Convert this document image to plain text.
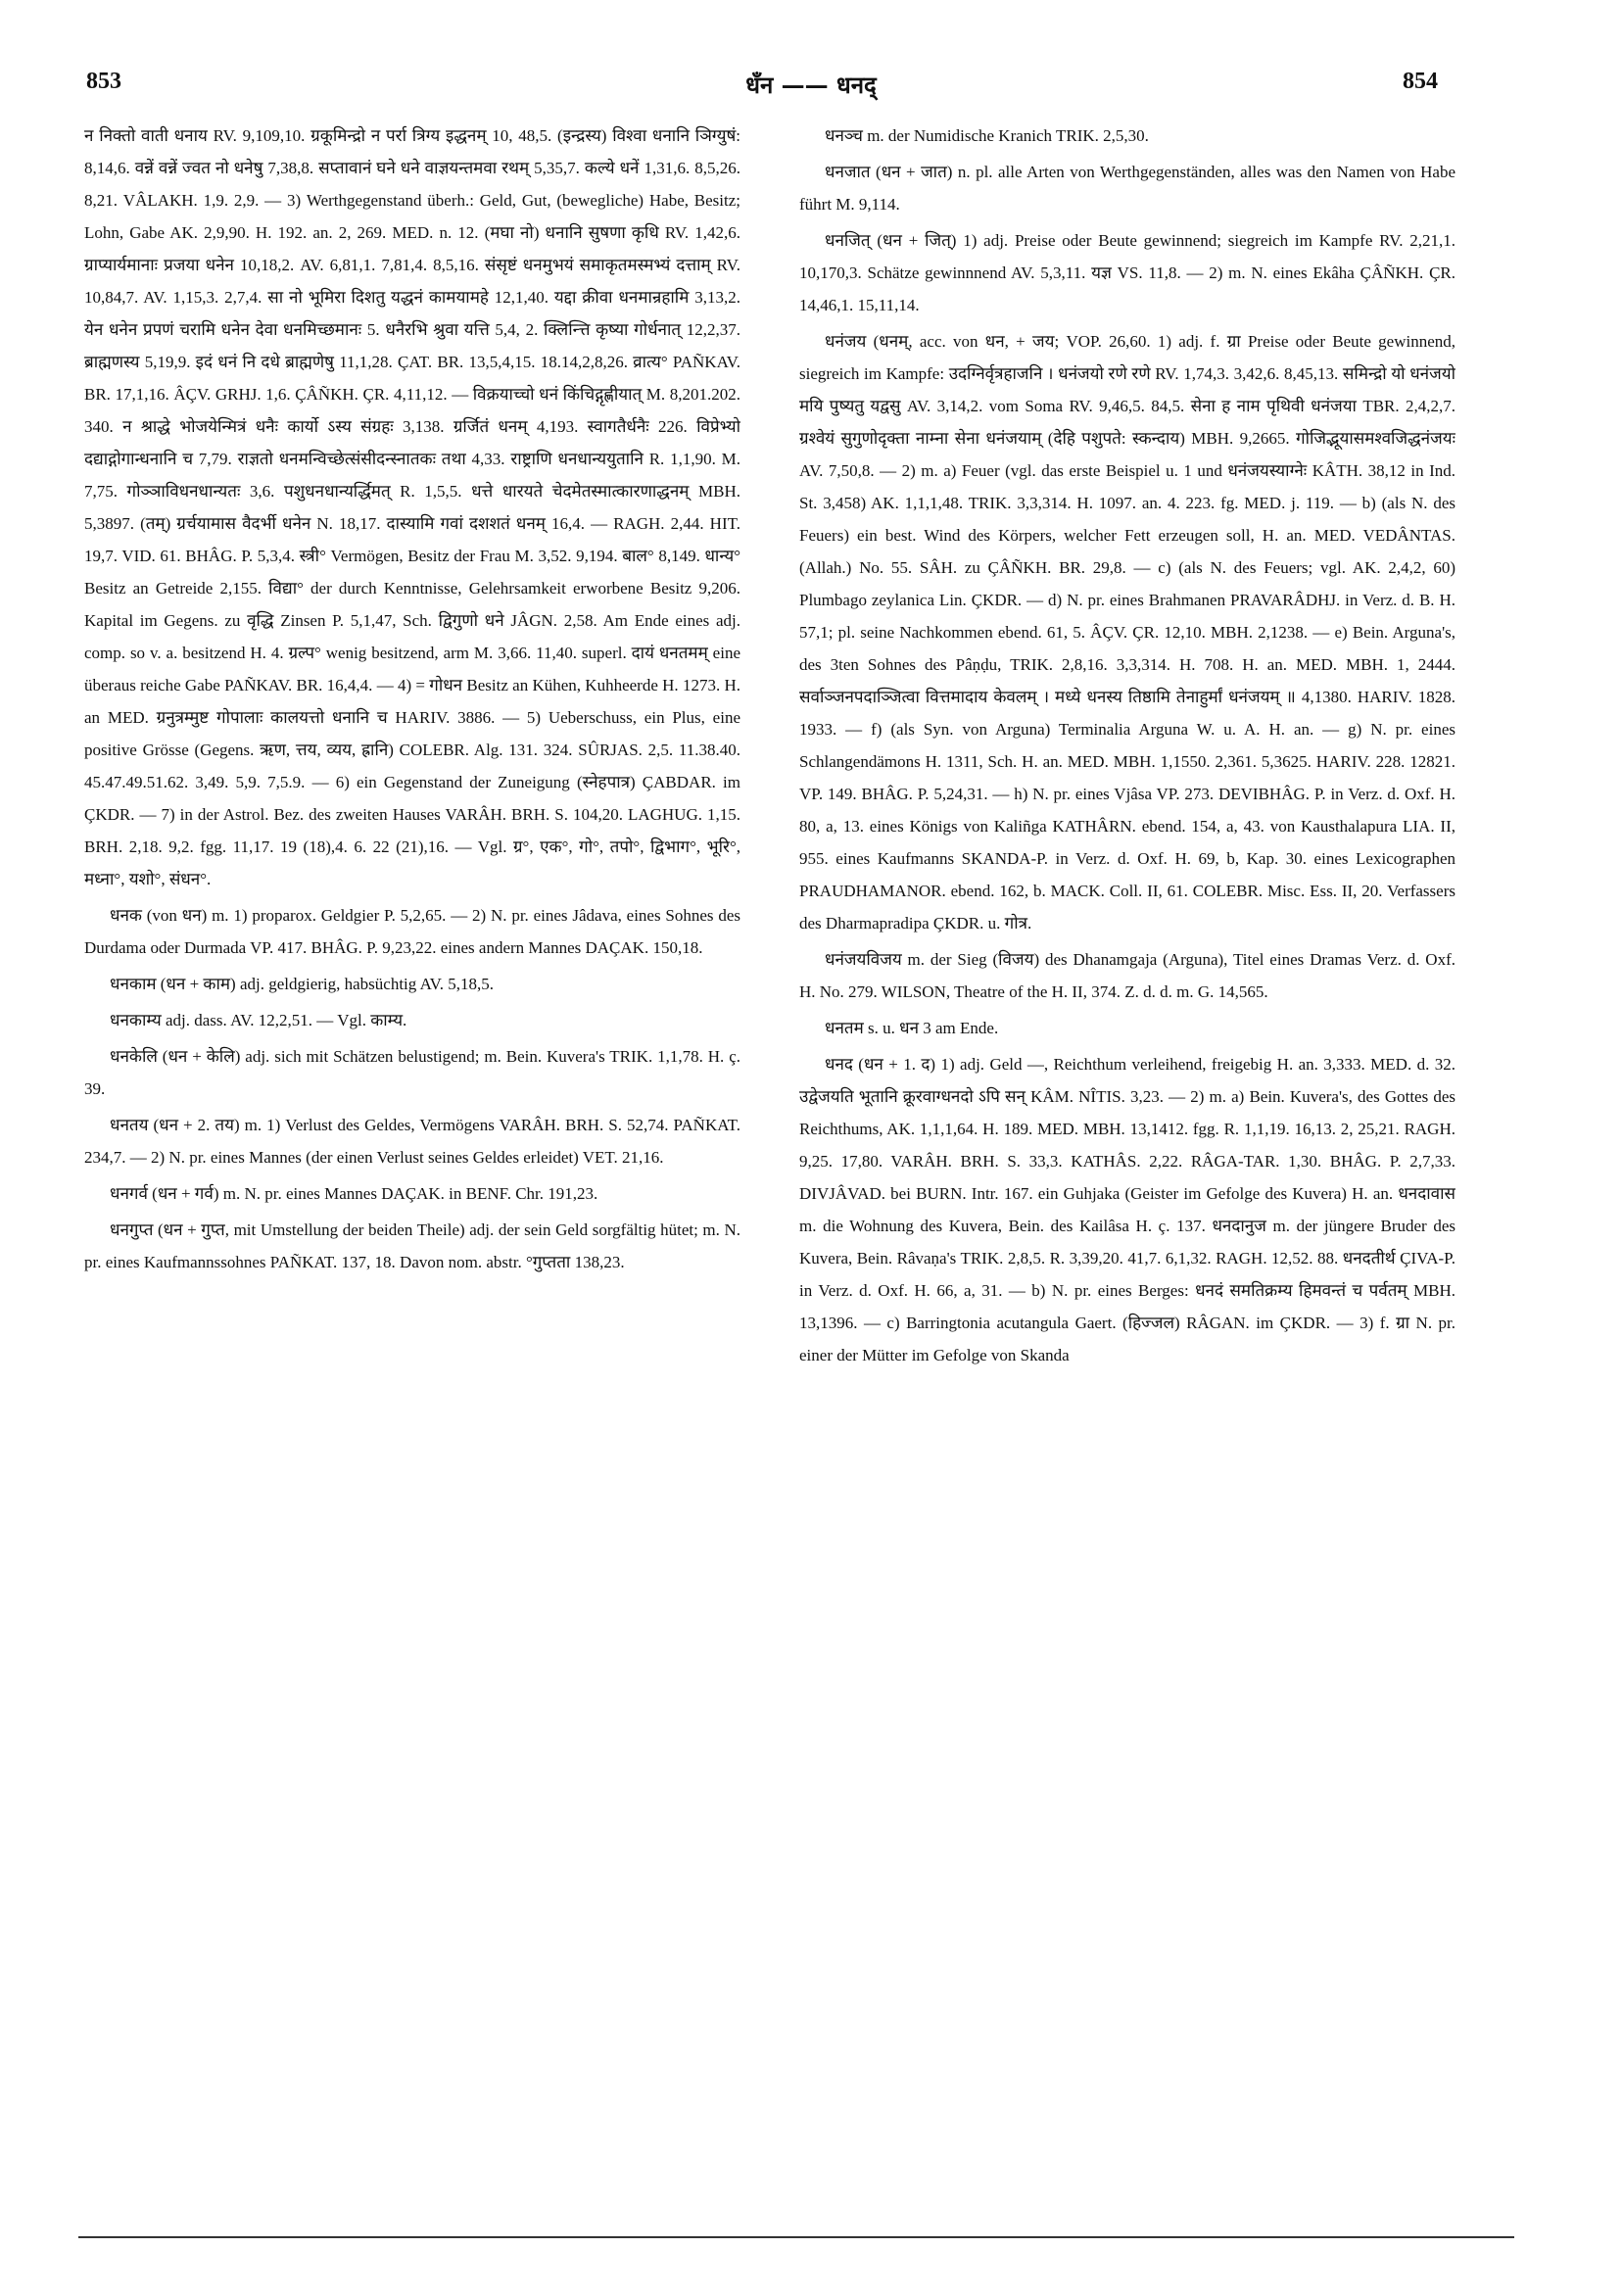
853	धँन —— धनद्	854

न निक्तो वाती धनाय RV. 9,109,10. ग्रकूमिन्द्रो न पर्रा त्रिग्य इद्धनम् 10, 48,5. (इन्द्रस्य) विश्वा धनानि ञिग्युषं: 8,14,6. वन्नें वन्नें ज्वत नो धनेषु 7,38,8. सप्तावानं घने धने वाज्ञयन्तमवा रथम् 5,35,7. कल्ये धनें 1,31,6. 8,5,26. 8,21. VÂLAKH. 1,9. 2,9. — 3) Werthgegenstand überh.: Geld, Gut, (bewegliche) Habe, Besitz; Lohn, Gabe AK. 2,9,90. H. 192. an. 2, 269. MED. n. 12. (मघा नो) धनानि सुषणा कृधि RV. 1,42,6. ग्राप्यार्यमानाः प्रजया धनेन 10,18,2. AV. 6,81,1. 7,81,4. 8,5,16. संसृष्टं धनमुभयं समाकृतमस्मभ्यं दत्ताम् RV. 10,84,7. AV. 1,15,3. 2,7,4. सा नो भूमिरा दिशतु यद्धनं कामयामहे 12,1,40. यद्दा क्रीवा धनमान्रहामि 3,13,2. येन धनेन प्रपणं चरामि धनेन देवा धनमिच्छमानः 5. धनैरभि श्रुवा यत्ति 5,4, 2. क्लिन्त्ति कृष्या गोर्धनात् 12,2,37. ब्राह्मणस्य 5,19,9. इदं धनं नि दधे ब्राह्मणेषु 11,1,28. ÇAT. BR. 13,5,4,15. 18.14,2,8,26. व्रात्य° PAÑKAV. BR. 17,1,16. ÂÇV. GRHJ. 1,6. ÇÂÑKH. ÇR. 4,11,12. — विक्रयाच्चो धनं किंचिद्गृह्णीयात् M. 8,201.202. 340. न श्राद्धे भोजयेन्मित्रं धनैः कार्यो ऽस्य संग्रहः 3,138. ग्रर्जितं धनम् 4,193. स्वागतैर्धनैः 226. विप्रेभ्यो दद्याद्गोगान्धनानि च 7,79. राज्ञतो धनमन्विच्छेत्संसीदन्स्नातकः तथा 4,33. राष्ट्राणि धनधान्ययुतानि R. 1,1,90. M. 7,75. गोञ्ञाविधनधान्यतः 3,6. पशुधनधान्यर्द्धिमत् R. 1,5,5. धत्ते धारयते चेदमेतस्मात्कारणाद्धनम् MBH. 5,3897. (तम्) ग्रर्चयामास वैदर्भी धनेन N. 18,17. दास्यामि गवां दशशतं धनम् 16,4. — RAGH. 2,44. HIT. 19,7. VID. 61. BHÂG. P. 5,3,4. स्त्री° Vermögen, Besitz der Frau M. 3,52. 9,194. बाल° 8,149. धान्य° Besitz an Getreide 2,155. विद्या° der durch Kenntnisse, Gelehrsamkeit erworbene Besitz 9,206. Kapital im Gegens. zu वृद्धि Zinsen P. 5,1,47, Sch. द्विगुणो धने JÂGN. 2,58. Am Ende eines adj. comp. so v. a. besitzend H. 4. ग्रल्प° wenig besitzend, arm M. 3,66. 11,40. superl. दायं धनतमम् eine überaus reiche Gabe PAÑKAV. BR. 16,4,4. — 4) = गोधन Besitz an Kühen, Kuhheerde H. 1273. H. an MED. ग्रनुत्रम्मुष्ट गोपालाः कालयत्तो धनानि च HARIV. 3886. — 5) Ueberschuss, ein Plus, eine positive Grösse (Gegens. ऋण, त्तय, व्यय, ह्रानि) COLEBR. Alg. 131. 324. SÛRJAS. 2,5. 11.38.40. 45.47.49.51.62. 3,49. 5,9. 7,5.9. — 6) ein Gegenstand der Zuneigung (स्नेहपात्र) ÇABDAR. im ÇKDR. — 7) in der Astrol. Bez. des zweiten Hauses VARÂH. BRH. S. 104,20. LAGHUG. 1,15. BRH. 2,18. 9,2. fgg. 11,17. 19 (18),4. 6. 22 (21),16. — Vgl. ग्र°, एक°, गो°, तपो°, द्विभाग°, भूरि°, मध्ना°, यशो°, संधन°.

धनक (von धन) m. 1) proparox. Geldgier P. 5,2,65. — 2) N. pr. eines Jâdava, eines Sohnes des Durdama oder Durmada VP. 417. BHÂG. P. 9,23,22. eines andern Mannes DAÇAK. 150,18.

धनकाम (धन + काम) adj. geldgierig, habsüchtig AV. 5,18,5.

धनकाम्य adj. dass. AV. 12,2,51. — Vgl. काम्य.

धनकेलि (धन + केलि) adj. sich mit Schätzen belustigend; m. Bein. Kuvera's TRIK. 1,1,78. H. ç. 39.

धनतय (धन + 2. तय) m. 1) Verlust des Geldes, Vermögens VARÂH. BRH. S. 52,74. PAÑKAT. 234,7. — 2) N. pr. eines Mannes (der einen Verlust seines Geldes erleidet) VET. 21,16.

धनगर्व (धन + गर्व) m. N. pr. eines Mannes DAÇAK. in BENF. Chr. 191,23.

धनगुप्त (धन + गुप्त, mit Umstellung der beiden Theile) adj. der sein Geld sorgfältig hütet; m. N. pr. eines Kaufmannssohnes PAÑKAT. 137, 18. Davon nom. abstr. °गुप्तता 138,23.

धनञ्च m. der Numidische Kranich TRIK. 2,5,30.

धनजात (धन + जात) n. pl. alle Arten von Werthgegenständen, alles was den Namen von Habe führt M. 9,114.

धनजित् (धन + जित्) 1) adj. Preise oder Beute gewinnend; siegreich im Kampfe RV. 2,21,1. 10,170,3. Schätze gewinnnend AV. 5,3,11. यज्ञ VS. 11,8. — 2) m. N. eines Ekâha ÇÂÑKH. ÇR. 14,46,1. 15,11,14.

धनंजय (धनम्, acc. von धन, + जय; VOP. 26,60. 1) adj. f. ग्रा Preise oder Beute gewinnend, siegreich im Kampfe: उदग्निर्वृत्रहाजनि । धनंजयो रणे रणे RV. 1,74,3. 3,42,6. 8,45,13. समिन्द्रो यो धनंजयो मयि पुष्यतु यद्वसु AV. 3,14,2. vom Soma RV. 9,46,5. 84,5. सेना ह नाम पृथिवी धनंजया TBR. 2,4,2,7. ग्रश्वेयं सुगुणोदृक्ता नाम्ना सेना धनंजयाम् (देहि पशुपते: स्कन्दाय) MBH. 9,2665. गोजिद्भूयासमश्वजिद्धनंजयः AV. 7,50,8. — 2) m. a) Feuer (vgl. das erste Beispiel u. 1 und धनंजयस्याग्नेः KÂTH. 38,12 in Ind. St. 3,458) AK. 1,1,1,48. TRIK. 3,3,314. H. 1097. an. 4. 223. fg. MED. j. 119. — b) (als N. des Feuers) ein best. Wind des Körpers, welcher Fett erzeugen soll, H. an. MED. VEDÂNTAS. (Allah.) No. 55. SÂH. zu ÇÂÑKH. BR. 29,8. — c) (als N. des Feuers; vgl. AK. 2,4,2, 60) Plumbago zeylanica Lin. ÇKDR. — d) N. pr. eines Brahmanen PRAVARÂDHJ. in Verz. d. B. H. 57,1; pl. seine Nachkommen ebend. 61, 5. ÂÇV. ÇR. 12,10. MBH. 2,1238. — e) Bein. Arguna's, des 3ten Sohnes des Pâṇḍu, TRIK. 2,8,16. 3,3,314. H. 708. H. an. MED. MBH. 1, 2444. सर्वाञ्जनपदाञ्जित्वा वित्तमादाय केवलम् । मध्ये धनस्य तिष्ठामि तेनाहुर्मां धनंजयम् ॥ 4,1380. HARIV. 1828. 1933. — f) (als Syn. von Arguna) Terminalia Arguna W. u. A. H. an. — g) N. pr. eines Schlangendämons H. 1311, Sch. H. an. MED. MBH. 1,1550. 2,361. 5,3625. HARIV. 228. 12821. VP. 149. BHÂG. P. 5,24,31. — h) N. pr. eines Vjâsa VP. 273. DEVIBHÂG. P. in Verz. d. Oxf. H. 80, a, 13. eines Königs von Kaliñga KATHÂRN. ebend. 154, a, 43. von Kausthalapura LIA. II, 955. eines Kaufmanns SKANDA-P. in Verz. d. Oxf. H. 69, b, Kap. 30. eines Lexicographen PRAUDHAMANOR. ebend. 162, b. MACK. Coll. II, 61. COLEBR. Misc. Ess. II, 20. Verfassers des Dharmapradipa ÇKDR. u. गोत्र.

धनंजयविजय m. der Sieg (विजय) des Dhanamgaja (Arguna), Titel eines Dramas Verz. d. Oxf. H. No. 279. WILSON, Theatre of the H. II, 374. Z. d. d. m. G. 14,565.

धनतम s. u. धन 3 am Ende.

धनद (धन + 1. द) 1) adj. Geld —, Reichthum verleihend, freigebig H. an. 3,333. MED. d. 32. उद्वेजयति भूतानि क्रूरवाग्धनदो ऽपि सन् KÂM. NÎTIS. 3,23. — 2) m. a) Bein. Kuvera's, des Gottes des Reichthums, AK. 1,1,1,64. H. 189. MED. MBH. 13,1412. fgg. R. 1,1,19. 16,13. 2, 25,21. RAGH. 9,25. 17,80. VARÂH. BRH. S. 33,3. KATHÂS. 2,22. RÂGA-TAR. 1,30. BHÂG. P. 2,7,33. DIVJÂVAD. bei BURN. Intr. 167. ein Guhjaka (Geister im Gefolge des Kuvera) H. an. धनदावास m. die Wohnung des Kuvera, Bein. des Kailâsa H. ç. 137. धनदानुज m. der jüngere Bruder des Kuvera, Bein. Râvaṇa's TRIK. 2,8,5. R. 3,39,20. 41,7. 6,1,32. RAGH. 12,52. 88. धनदतीर्थ ÇIVA-P. in Verz. d. Oxf. H. 66, a, 31. — b) N. pr. eines Berges: धनदं समतिक्रम्य हिमवन्तं च पर्वतम् MBH. 13,1396. — c) Barringtonia acutangula Gaert. (हिज्जल) RÂGAN. im ÇKDR. — 3) f. ग्रा N. pr. einer der Mütter im Gefolge von Skanda
